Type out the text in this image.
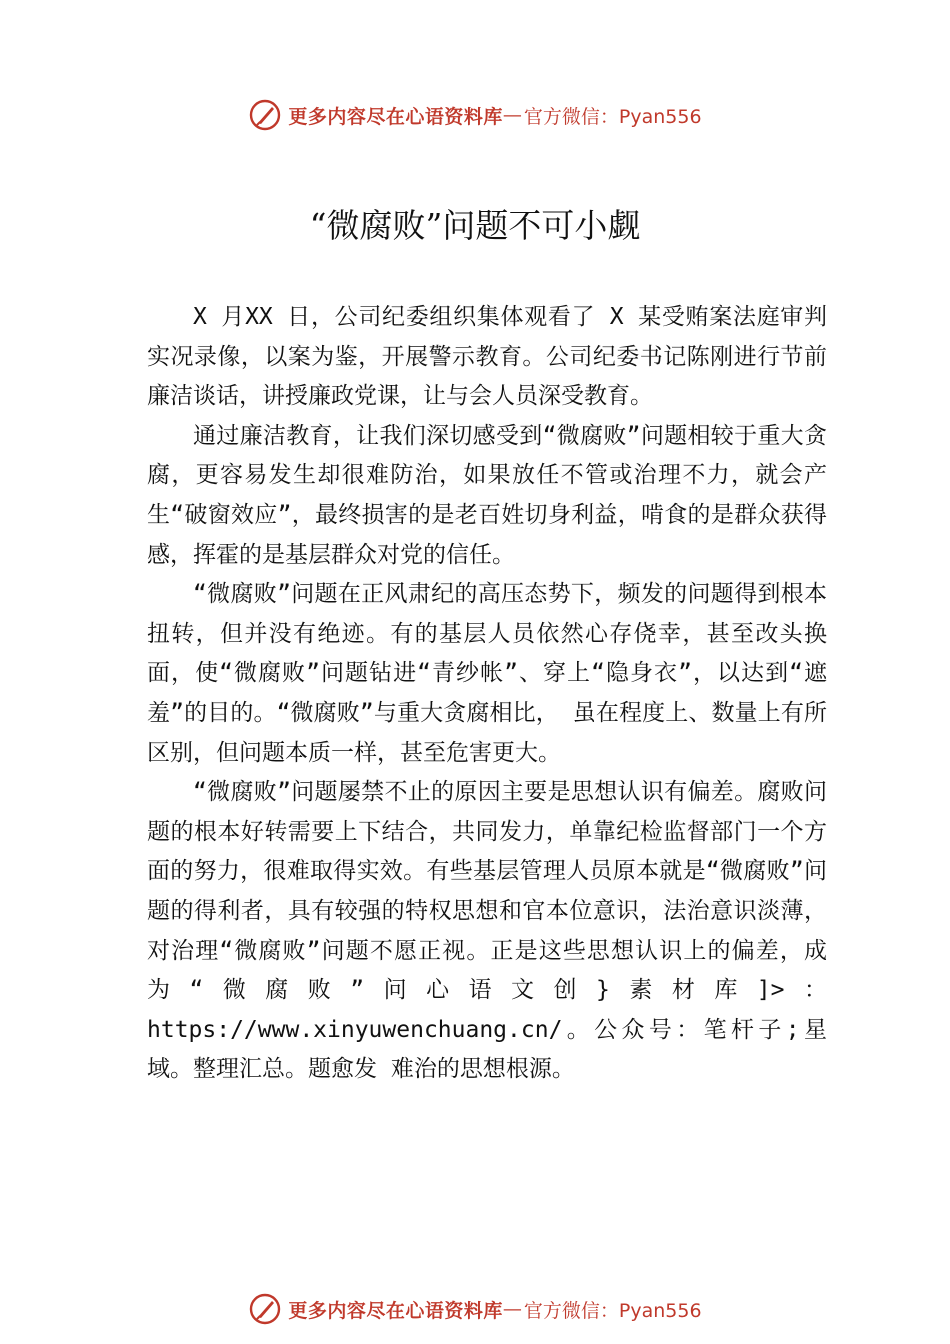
更多内容尽在心语资料库 — 官方微信：Pyan556
“微腐败”问题不可小觑

X 月XX 日，公司纪委组织集体观看了 X 某受贿案法庭审判实况录像，以案为鉴，开展警示教育。公司纪委书记陈刚进行节前廉洁谈话，讲授廉政党课，让与会人员深受教育。

通过廉洁教育，让我们深切感受到“微腐败”问题相较于重大贪腐，更容易发生却很难防治，如果放任不管或治理不力，就会产生“破窗效应”，最终损害的是老百姓切身利益，啃食的是群众获得感，挥霍的是基层群众对党的信任。

“微腐败”问题在正风肃纪的高压态势下，频发的问题得到根本扭转，但并没有绝迹。有的基层人员依然心存侥幸，甚至改头换面，使“微腐败”问题钻进“青纱帐”、穿上“隐身衣”，以达到“遮羞”的目的。“微腐败”与重大贪腐相比， 虽在程度上、数量上有所区别，但问题本质一样，甚至危害更大。

“微腐败”问题屡禁不止的原因主要是思想认识有偏差。腐败问题的根本好转需要上下结合，共同发力，单靠纪检监督部门一个方面的努力，很难取得实效。有些基层管理人员原本就是“微腐败”问题的得利者，具有较强的特权思想和官本位意识，法治意识淡薄，对治理“微腐败”问题不愿正视。正是这些思想认识上的偏差，成为“微腐败”问心语文创}素材库]>：https://www.xinyuwenchuang.cn/。公众号：笔杆子;星域。整理汇总。题愈发 难治的思想根源。

更多内容尽在心语资料库 — 官方微信：Pyan556
